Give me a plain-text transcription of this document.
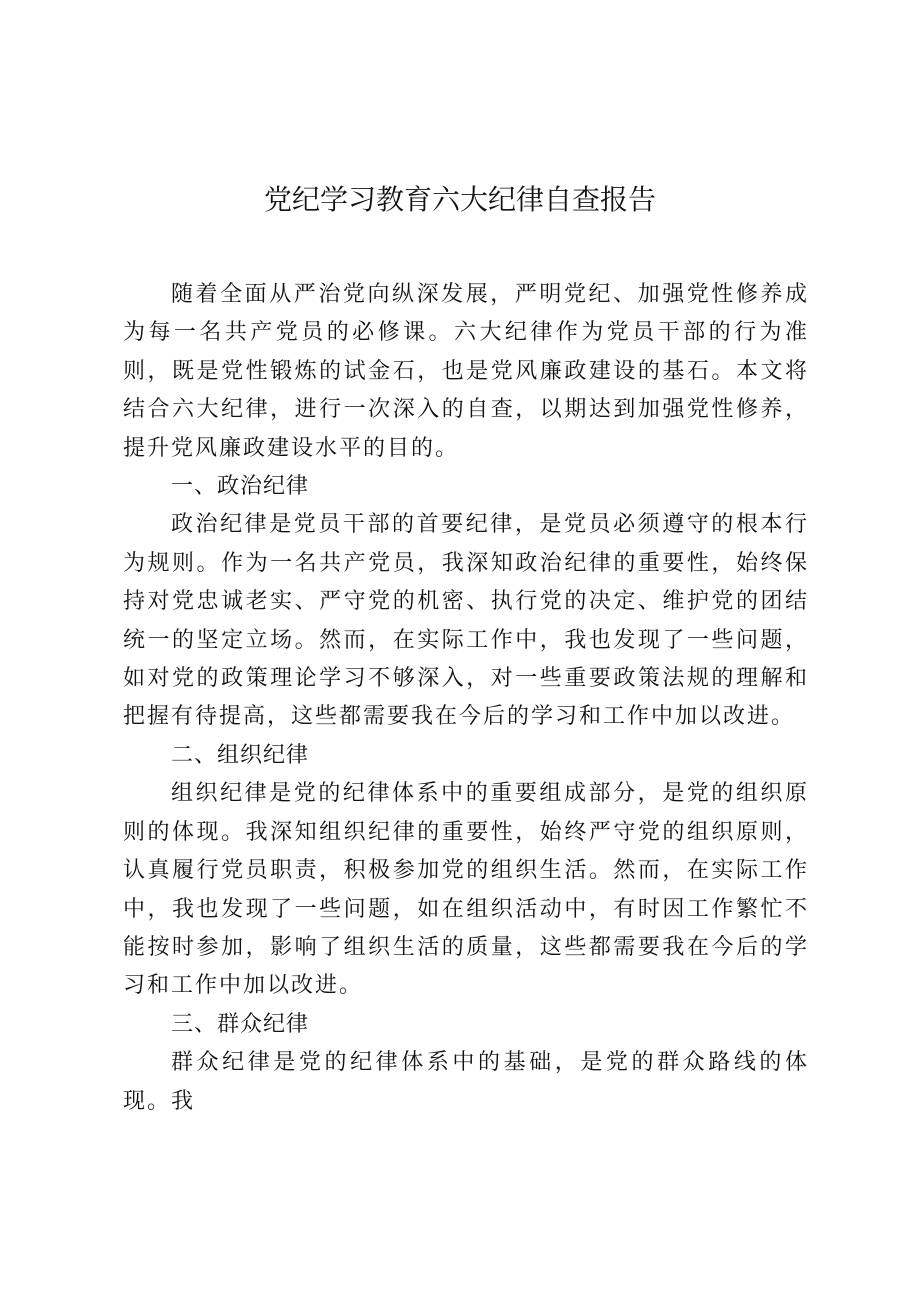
党纪学习教育六大纪律自查报告

随着全面从严治党向纵深发展，严明党纪、加强党性修养成为每一名共产党员的必修课。六大纪律作为党员干部的行为准则，既是党性锻炼的试金石，也是党风廉政建设的基石。本文将结合六大纪律，进行一次深入的自查，以期达到加强党性修养，提升党风廉政建设水平的目的。

一、政治纪律

政治纪律是党员干部的首要纪律，是党员必须遵守的根本行为规则。作为一名共产党员，我深知政治纪律的重要性，始终保持对党忠诚老实、严守党的机密、执行党的决定、维护党的团结统一的坚定立场。然而，在实际工作中，我也发现了一些问题，如对党的政策理论学习不够深入，对一些重要政策法规的理解和把握有待提高，这些都需要我在今后的学习和工作中加以改进。

二、组织纪律

组织纪律是党的纪律体系中的重要组成部分，是党的组织原则的体现。我深知组织纪律的重要性，始终严守党的组织原则，认真履行党员职责，积极参加党的组织生活。然而，在实际工作中，我也发现了一些问题，如在组织活动中，有时因工作繁忙不能按时参加，影响了组织生活的质量，这些都需要我在今后的学习和工作中加以改进。

三、群众纪律

群众纪律是党的纪律体系中的基础，是党的群众路线的体现。我
